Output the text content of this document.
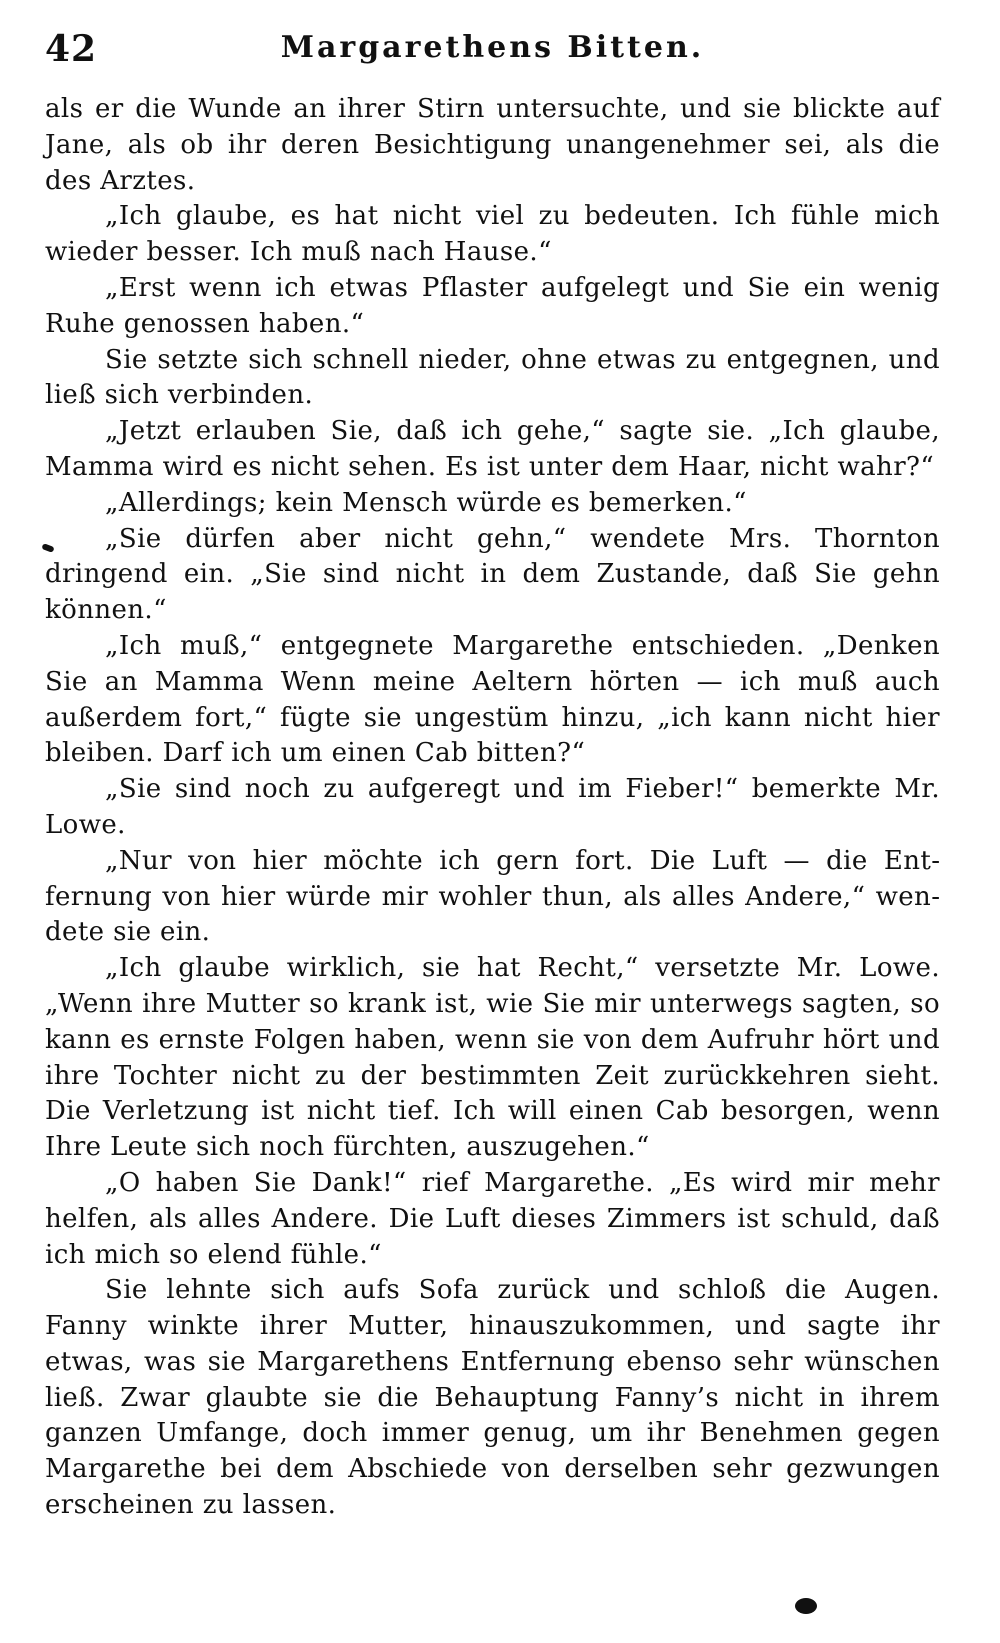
42	Margarethens Bitten.

als er die Wunde an ihrer Stirn untersuchte, und sie blickte auf Jane, als ob ihr deren Besichtigung unangenehmer sei, als die des Arztes.

„Ich glaube, es hat nicht viel zu bedeuten. Ich fühle mich wieder besser. Ich muß nach Hause.“

„Erst wenn ich etwas Pflaster aufgelegt und Sie ein wenig Ruhe genossen haben.“

Sie setzte sich schnell nieder, ohne etwas zu entgegnen, und ließ sich verbinden.

„Jetzt erlauben Sie, daß ich gehe,“ sagte sie. „Ich glaube, Mamma wird es nicht sehen. Es ist unter dem Haar, nicht wahr?“

„Allerdings; kein Mensch würde es bemerken.“

„Sie dürfen aber nicht gehn,“ wendete Mrs. Thornton dringend ein. „Sie sind nicht in dem Zustande, daß Sie gehn können.“

„Ich muß,“ entgegnete Margarethe entschieden. „Denken Sie an Mamma Wenn meine Aeltern hörten — ich muß auch außerdem fort,“ fügte sie ungestüm hinzu, „ich kann nicht hier bleiben. Darf ich um einen Cab bitten?“

„Sie sind noch zu aufgeregt und im Fieber!“ bemerkte Mr. Lowe.

„Nur von hier möchte ich gern fort. Die Luft — die Entfernung von hier würde mir wohler thun, als alles Andere,“ wendete sie ein.

„Ich glaube wirklich, sie hat Recht,“ versetzte Mr. Lowe. „Wenn ihre Mutter so krank ist, wie Sie mir unterwegs sagten, so kann es ernste Folgen haben, wenn sie von dem Aufruhr hört und ihre Tochter nicht zu der bestimmten Zeit zurückkehren sieht. Die Verletzung ist nicht tief. Ich will einen Cab besorgen, wenn Ihre Leute sich noch fürchten, auszugehen.“

„O haben Sie Dank!“ rief Margarethe. „Es wird mir mehr helfen, als alles Andere. Die Luft dieses Zimmers ist schuld, daß ich mich so elend fühle.“

Sie lehnte sich aufs Sofa zurück und schloß die Augen. Fanny winkte ihrer Mutter, hinauszukommen, und sagte ihr etwas, was sie Margarethens Entfernung ebenso sehr wünschen ließ. Zwar glaubte sie die Behauptung Fanny’s nicht in ihrem ganzen Umfange, doch immer genug, um ihr Benehmen gegen Margarethe bei dem Abschiede von derselben sehr gezwungen erscheinen zu lassen.
